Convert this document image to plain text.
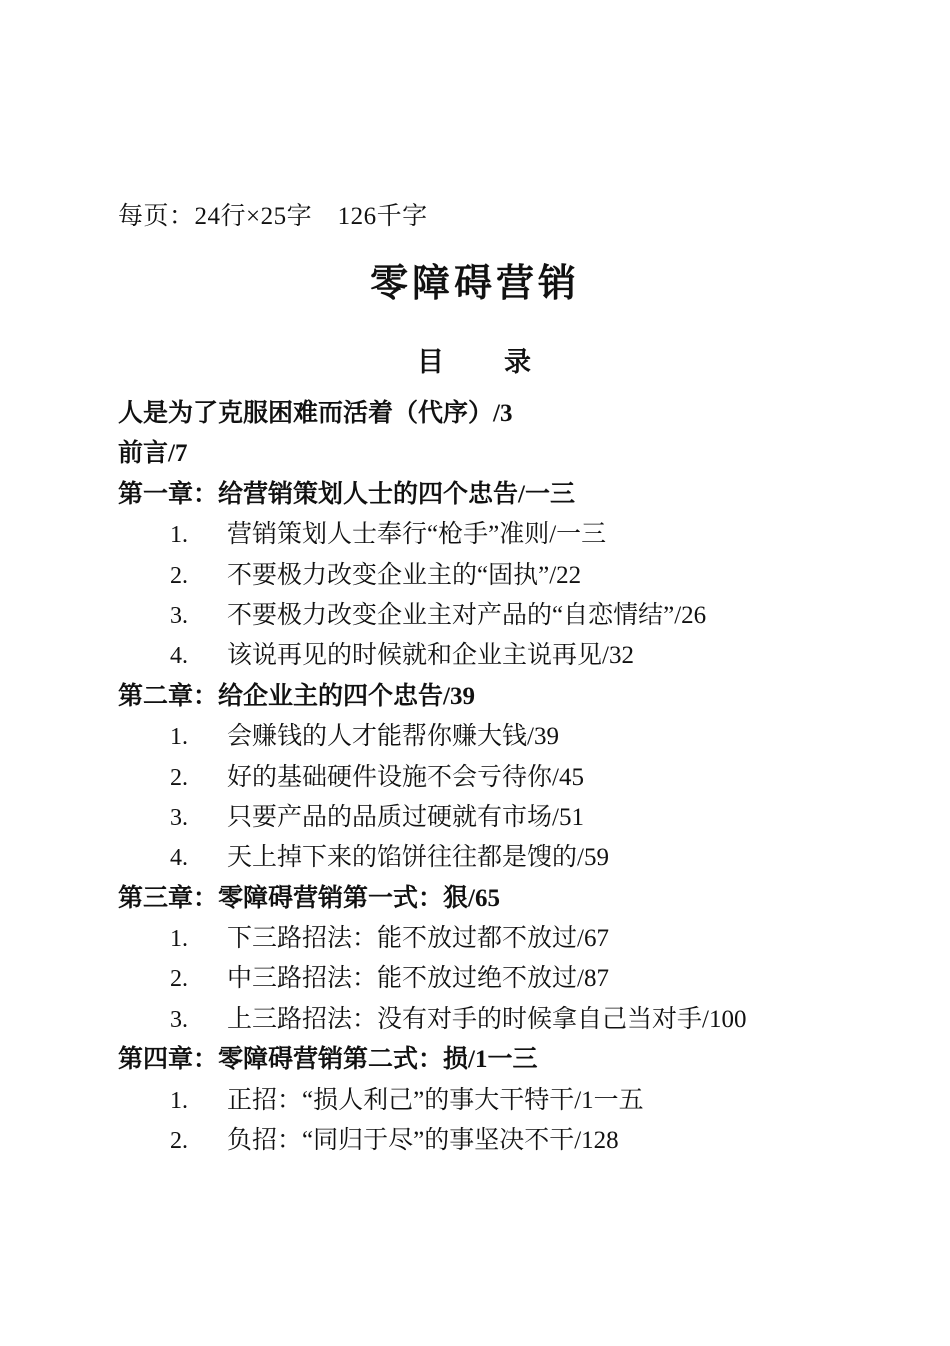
每页：24行×25字　126千字
零障碍营销
目 录
人是为了克服困难而活着（代序）/3
前言/7
第一章：给营销策划人士的四个忠告/一三
1. 营销策划人士奉行“枪手”准则/一三
2. 不要极力改变企业主的“固执”/22
3. 不要极力改变企业主对产品的“自恋情结”/26
4. 该说再见的时候就和企业主说再见/32
第二章：给企业主的四个忠告/39
1. 会赚钱的人才能帮你赚大钱/39
2. 好的基础硬件设施不会亏待你/45
3. 只要产品的品质过硬就有市场/51
4. 天上掉下来的馅饼往往都是馊的/59
第三章：零障碍营销第一式：狠/65
1. 下三路招法：能不放过都不放过/67
2. 中三路招法：能不放过绝不放过/87
3. 上三路招法：没有对手的时候拿自己当对手/100
第四章：零障碍营销第二式：损/1一三
1. 正招：“损人利己”的事大干特干/1一五
2. 负招：“同归于尽”的事坚决不干/128
